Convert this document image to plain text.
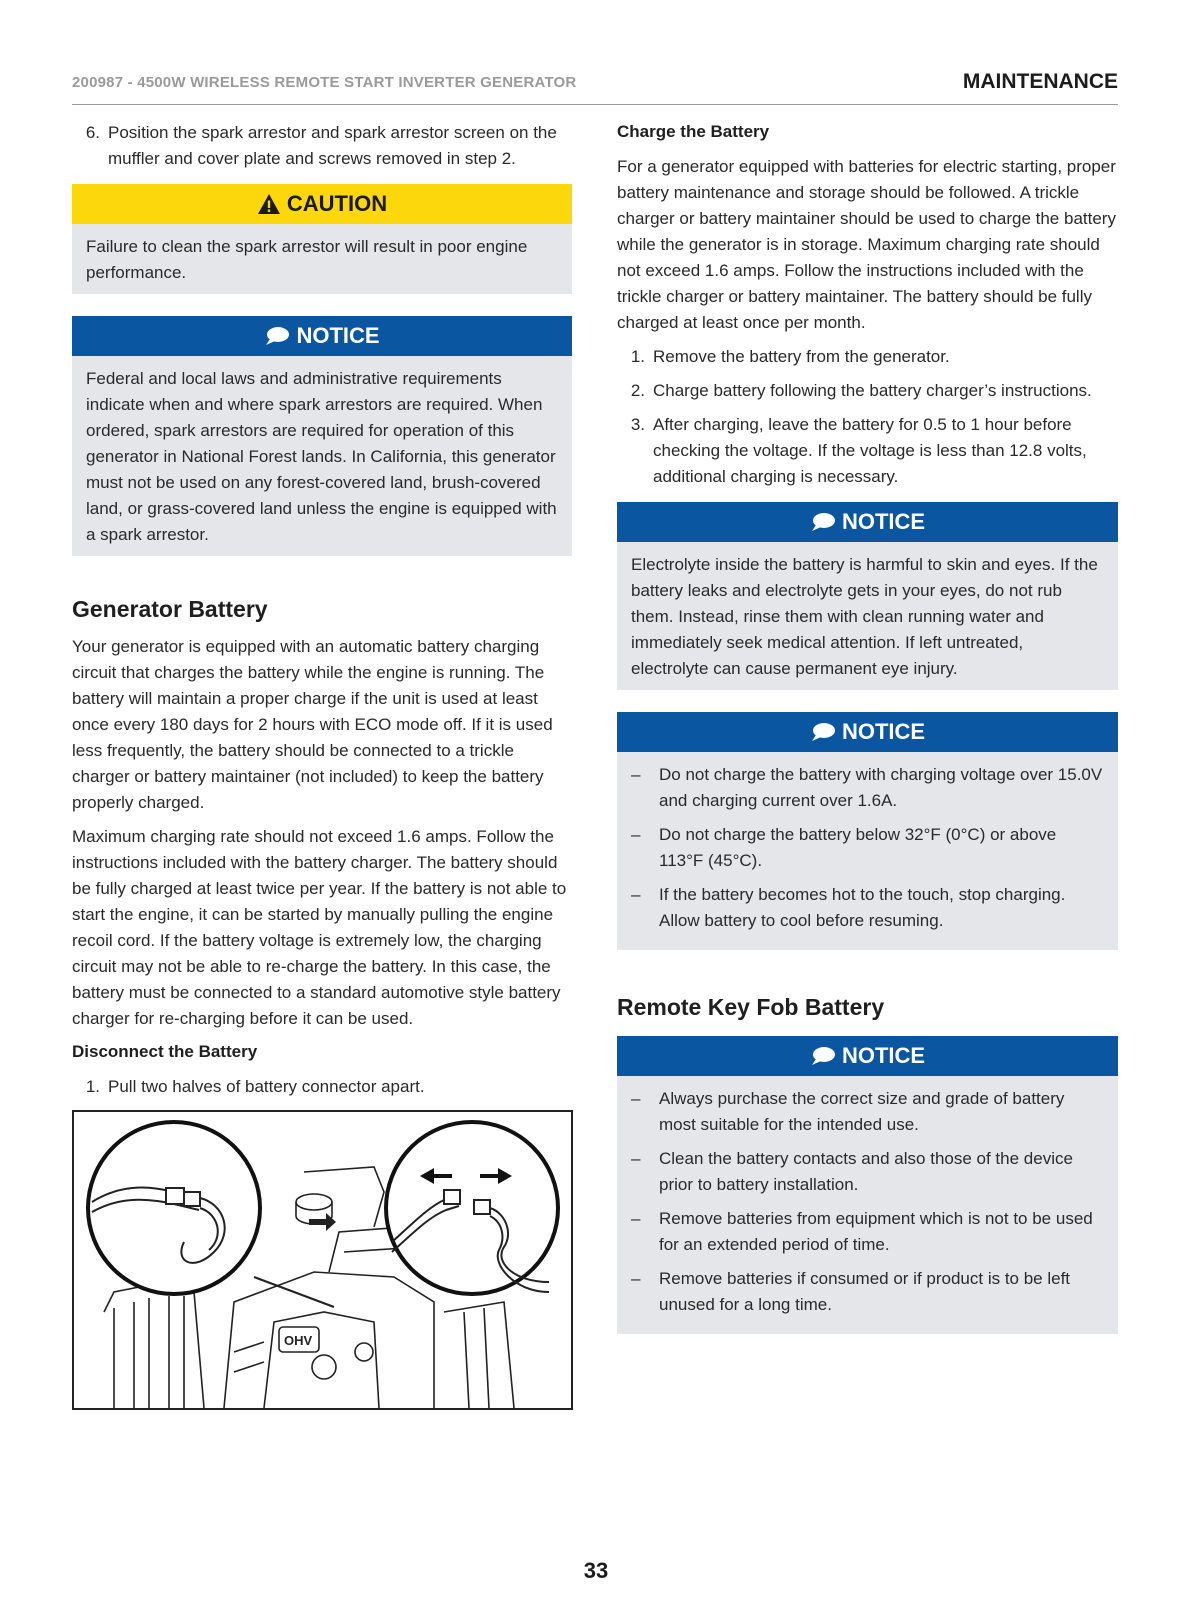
200987 - 4500W WIRELESS REMOTE START INVERTER GENERATOR	MAINTENANCE
6. Position the spark arrestor and spark arrestor screen on the muffler and cover plate and screws removed in step 2.
CAUTION
Failure to clean the spark arrestor will result in poor engine performance.
NOTICE
Federal and local laws and administrative requirements indicate when and where spark arrestors are required. When ordered, spark arrestors are required for operation of this generator in National Forest lands. In California, this generator must not be used on any forest-covered land, brush-covered land, or grass-covered land unless the engine is equipped with a spark arrestor.
Generator Battery

Your generator is equipped with an automatic battery charging circuit that charges the battery while the engine is running. The battery will maintain a proper charge if the unit is used at least once every 180 days for 2 hours with ECO mode off. If it is used less frequently, the battery should be connected to a trickle charger or battery maintainer (not included) to keep the battery properly charged.

Maximum charging rate should not exceed 1.6 amps. Follow the instructions included with the battery charger. The battery should be fully charged at least twice per year. If the battery is not able to start the engine, it can be started by manually pulling the engine recoil cord. If the battery voltage is extremely low, the charging circuit may not be able to re-charge the battery. In this case, the battery must be connected to a standard automotive style battery charger for re-charging before it can be used.

Disconnect the Battery
1. Pull two halves of battery connector apart.
OHV
Charge the Battery

For a generator equipped with batteries for electric starting, proper battery maintenance and storage should be followed. A trickle charger or battery maintainer should be used to charge the battery while the generator is in storage. Maximum charging rate should not exceed 1.6 amps. Follow the instructions included with the trickle charger or battery maintainer. The battery should be fully charged at least once per month.

1. Remove the battery from the generator.
2. Charge battery following the battery charger’s instructions.
3. After charging, leave the battery for 0.5 to 1 hour before checking the voltage. If the voltage is less than 12.8 volts, additional charging is necessary.
NOTICE
Electrolyte inside the battery is harmful to skin and eyes. If the battery leaks and electrolyte gets in your eyes, do not rub them. Instead, rinse them with clean running water and immediately seek medical attention. If left untreated, electrolyte can cause permanent eye injury.
NOTICE
–	Do not charge the battery with charging voltage over 15.0V and charging current over 1.6A.
–	Do not charge the battery below 32°F (0°C) or above 113°F (45°C).
–	If the battery becomes hot to the touch, stop charging. Allow battery to cool before resuming.
Remote Key Fob Battery
NOTICE
–	Always purchase the correct size and grade of battery most suitable for the intended use.
–	Clean the battery contacts and also those of the device prior to battery installation.
–	Remove batteries from equipment which is not to be used for an extended period of time.
–	Remove batteries if consumed or if product is to be left unused for a long time.
33
